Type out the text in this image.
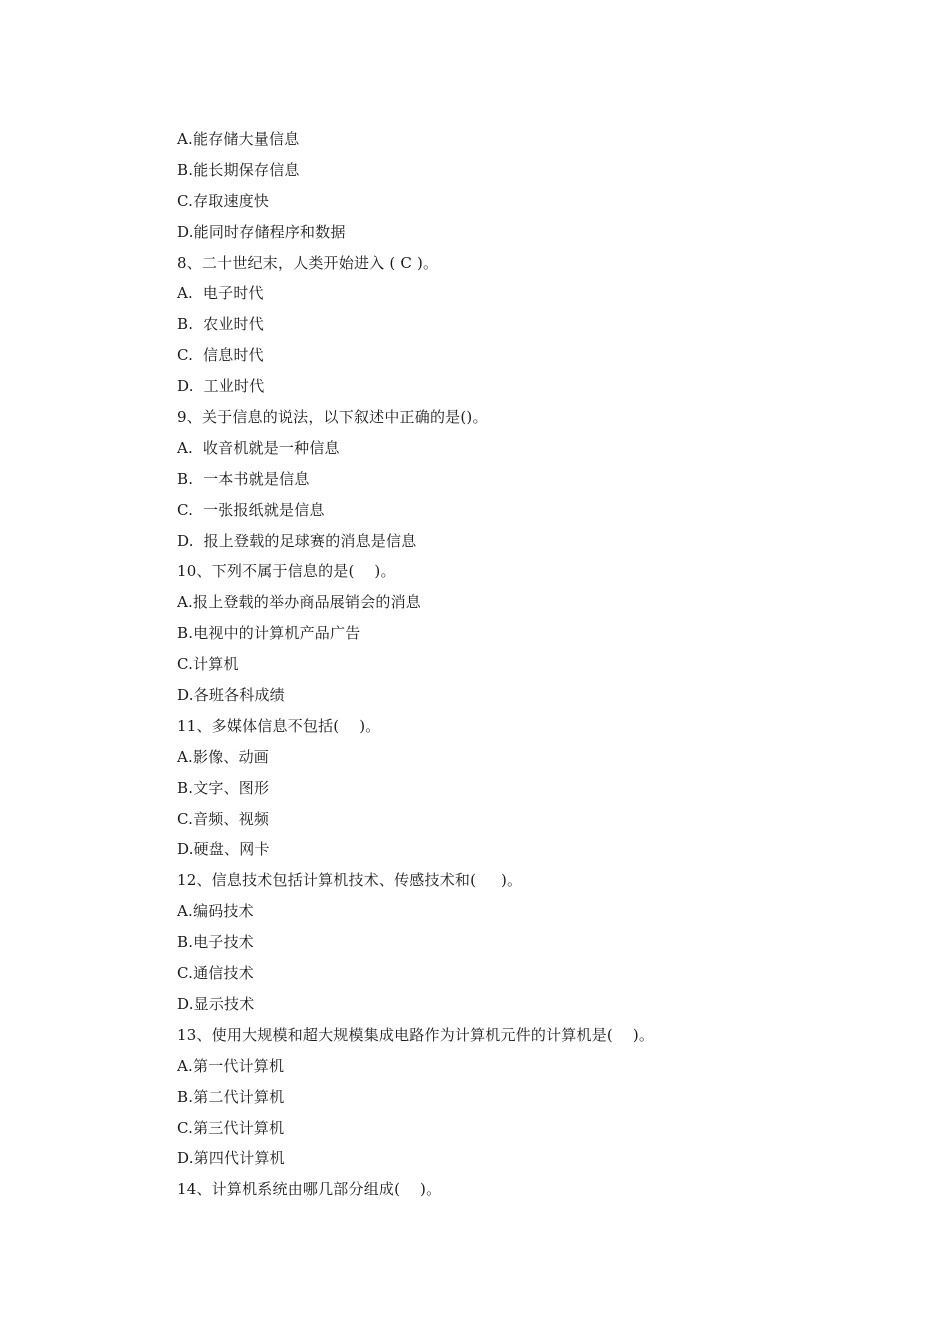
A.能存储大量信息
B.能长期保存信息
C.存取速度快
D.能同时存储程序和数据
8、二十世纪末，人类开始进入 ( C )。
A.  电子时代
B.  农业时代
C.  信息时代
D.  工业时代
9、关于信息的说法，以下叙述中正确的是()。
A.  收音机就是一种信息
B.  一本书就是信息
C.  一张报纸就是信息
D.  报上登载的足球赛的消息是信息
10、下列不属于信息的是(    )。
A.报上登载的举办商品展销会的消息
B.电视中的计算机产品广告
C.计算机
D.各班各科成绩
11、多媒体信息不包括(    )。
A.影像、动画
B.文字、图形
C.音频、视频
D.硬盘、网卡
12、信息技术包括计算机技术、传感技术和(     )。
A.编码技术
B.电子技术
C.通信技术
D.显示技术
13、使用大规模和超大规模集成电路作为计算机元件的计算机是(    )。
A.第一代计算机
B.第二代计算机
C.第三代计算机
D.第四代计算机
14、计算机系统由哪几部分组成(    )。
